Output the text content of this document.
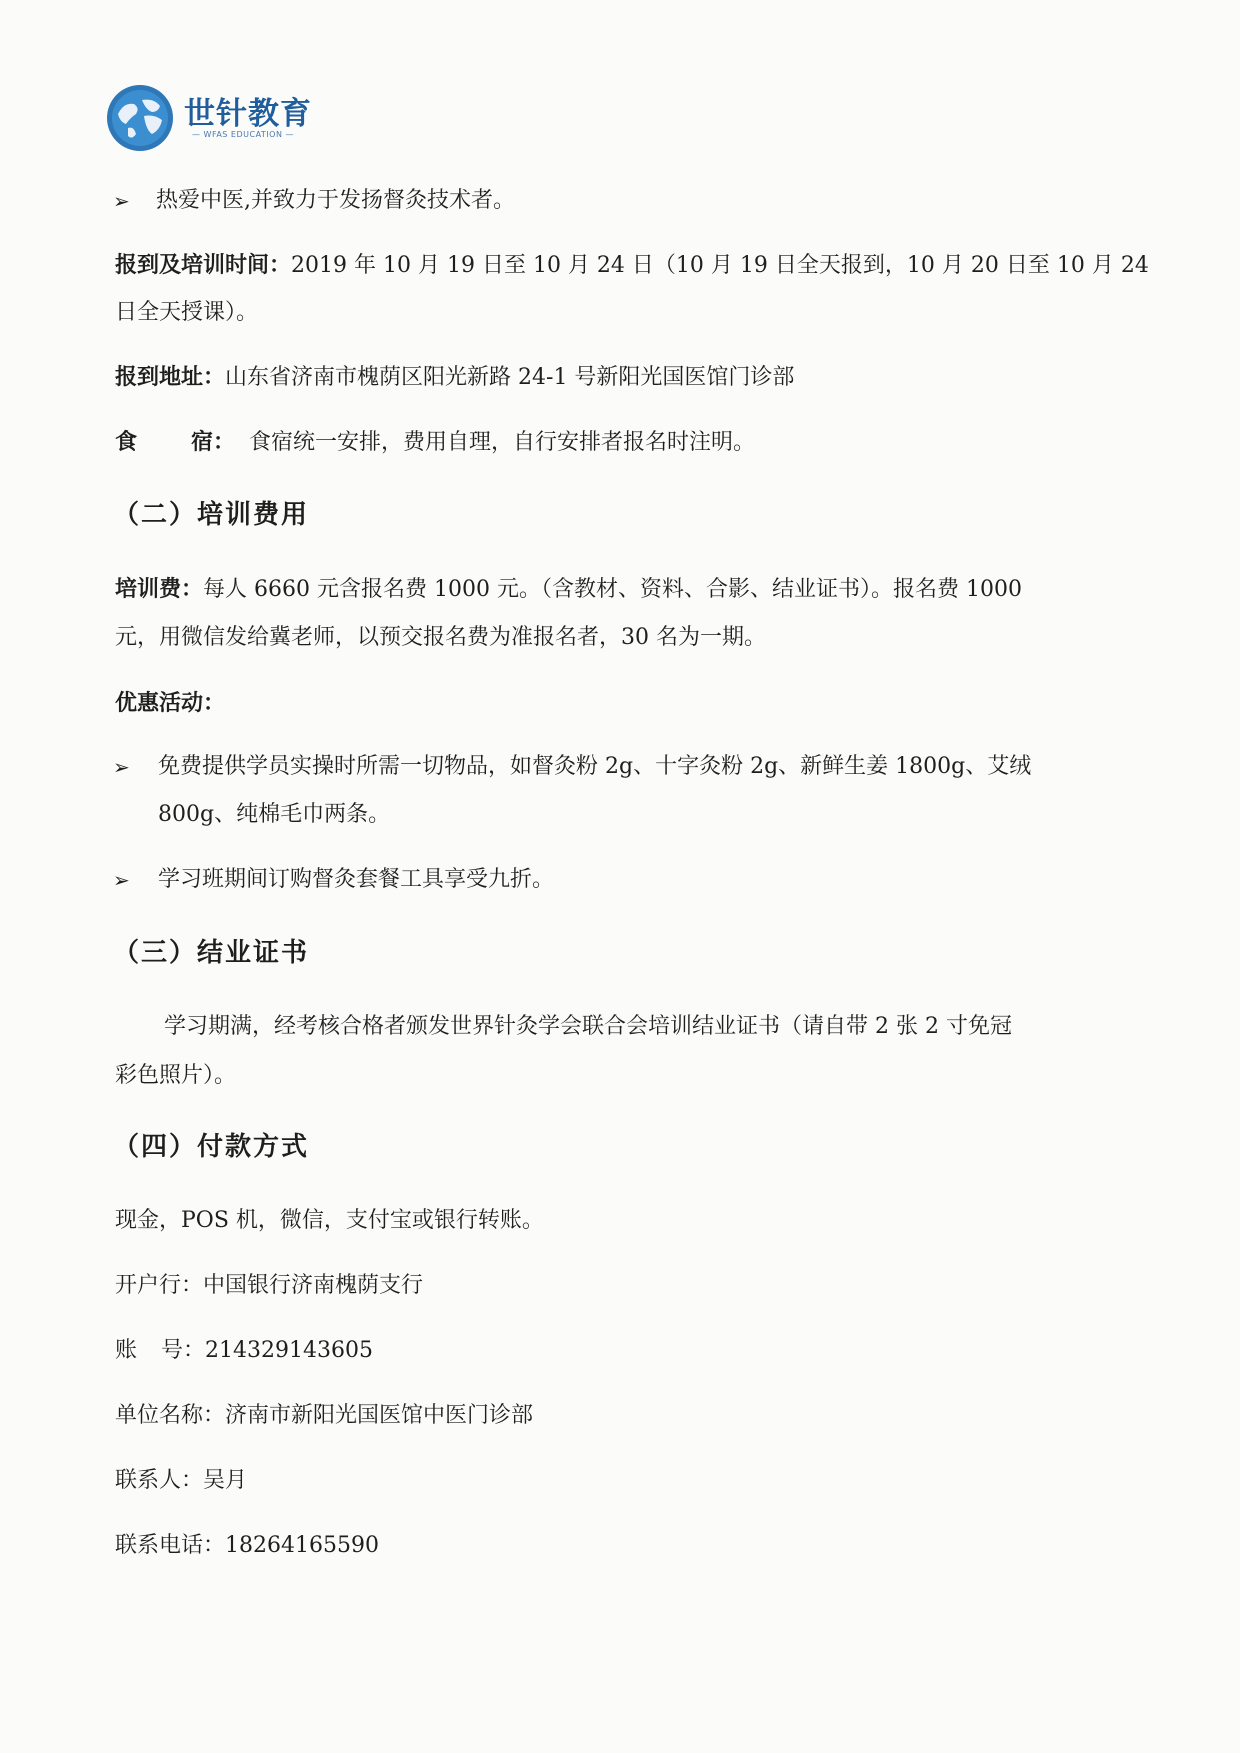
世针教育
— WFAS EDUCATION —
➢ 热爱中医,并致力于发扬督灸技术者。
报到及培训时间：2019 年 10 月 19 日至 10 月 24 日（10 月 19 日全天报到，10 月 20 日至 10 月 24
日全天授课）。
报到地址：山东省济南市槐荫区阳光新路 24-1 号新阳光国医馆门诊部
食 宿： 食宿统一安排，费用自理，自行安排者报名时注明。
（二）培训费用
培训费：每人 6660 元含报名费 1000 元。（含教材、资料、合影、结业证书）。报名费 1000
元，用微信发给冀老师，以预交报名费为准报名者，30 名为一期。
优惠活动：
➢ 免费提供学员实操时所需一切物品，如督灸粉 2g、十字灸粉 2g、新鲜生姜 1800g、艾绒
800g、纯棉毛巾两条。
➢ 学习班期间订购督灸套餐工具享受九折。
（三）结业证书
学习期满，经考核合格者颁发世界针灸学会联合会培训结业证书（请自带 2 张 2 寸免冠
彩色照片）。
（四）付款方式
现金，POS 机，微信，支付宝或银行转账。
开户行：中国银行济南槐荫支行
账 号：214329143605
单位名称：济南市新阳光国医馆中医门诊部
联系人：吴月
联系电话：18264165590
